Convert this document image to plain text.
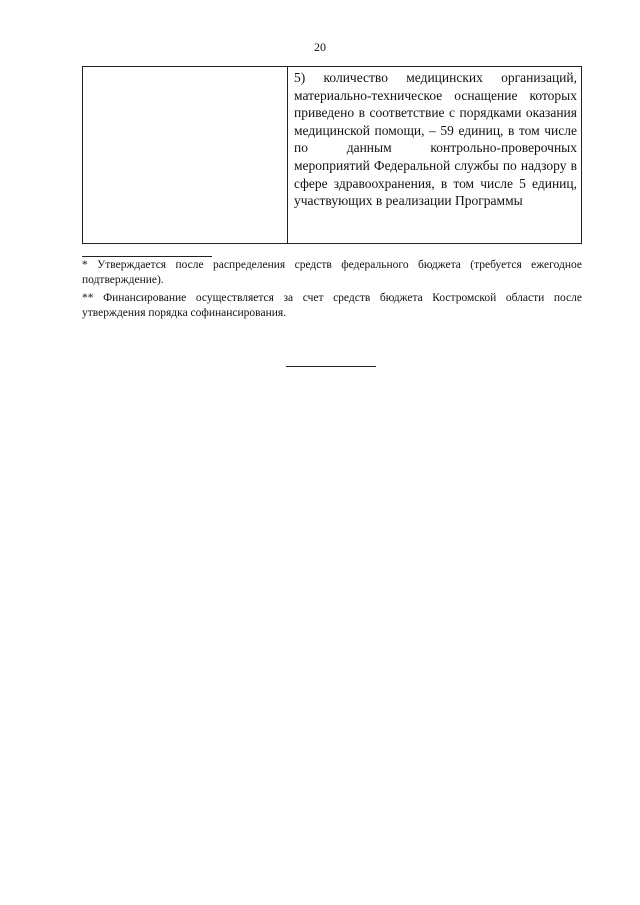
20

5) количество медицинских организаций, материально-техническое оснащение которых приведено в соответствие с порядками оказания медицинской помощи, – 59 единиц, в том числе по данным контрольно-проверочных мероприятий Федеральной службы по надзору в сфере здравоохранения, в том числе 5 единиц, участвующих в реализации Программы

* Утверждается после распределения средств федерального бюджета (требуется ежегодное подтверждение).

** Финансирование осуществляется за счет средств бюджета Костромской области после утверждения порядка софинансирования.
